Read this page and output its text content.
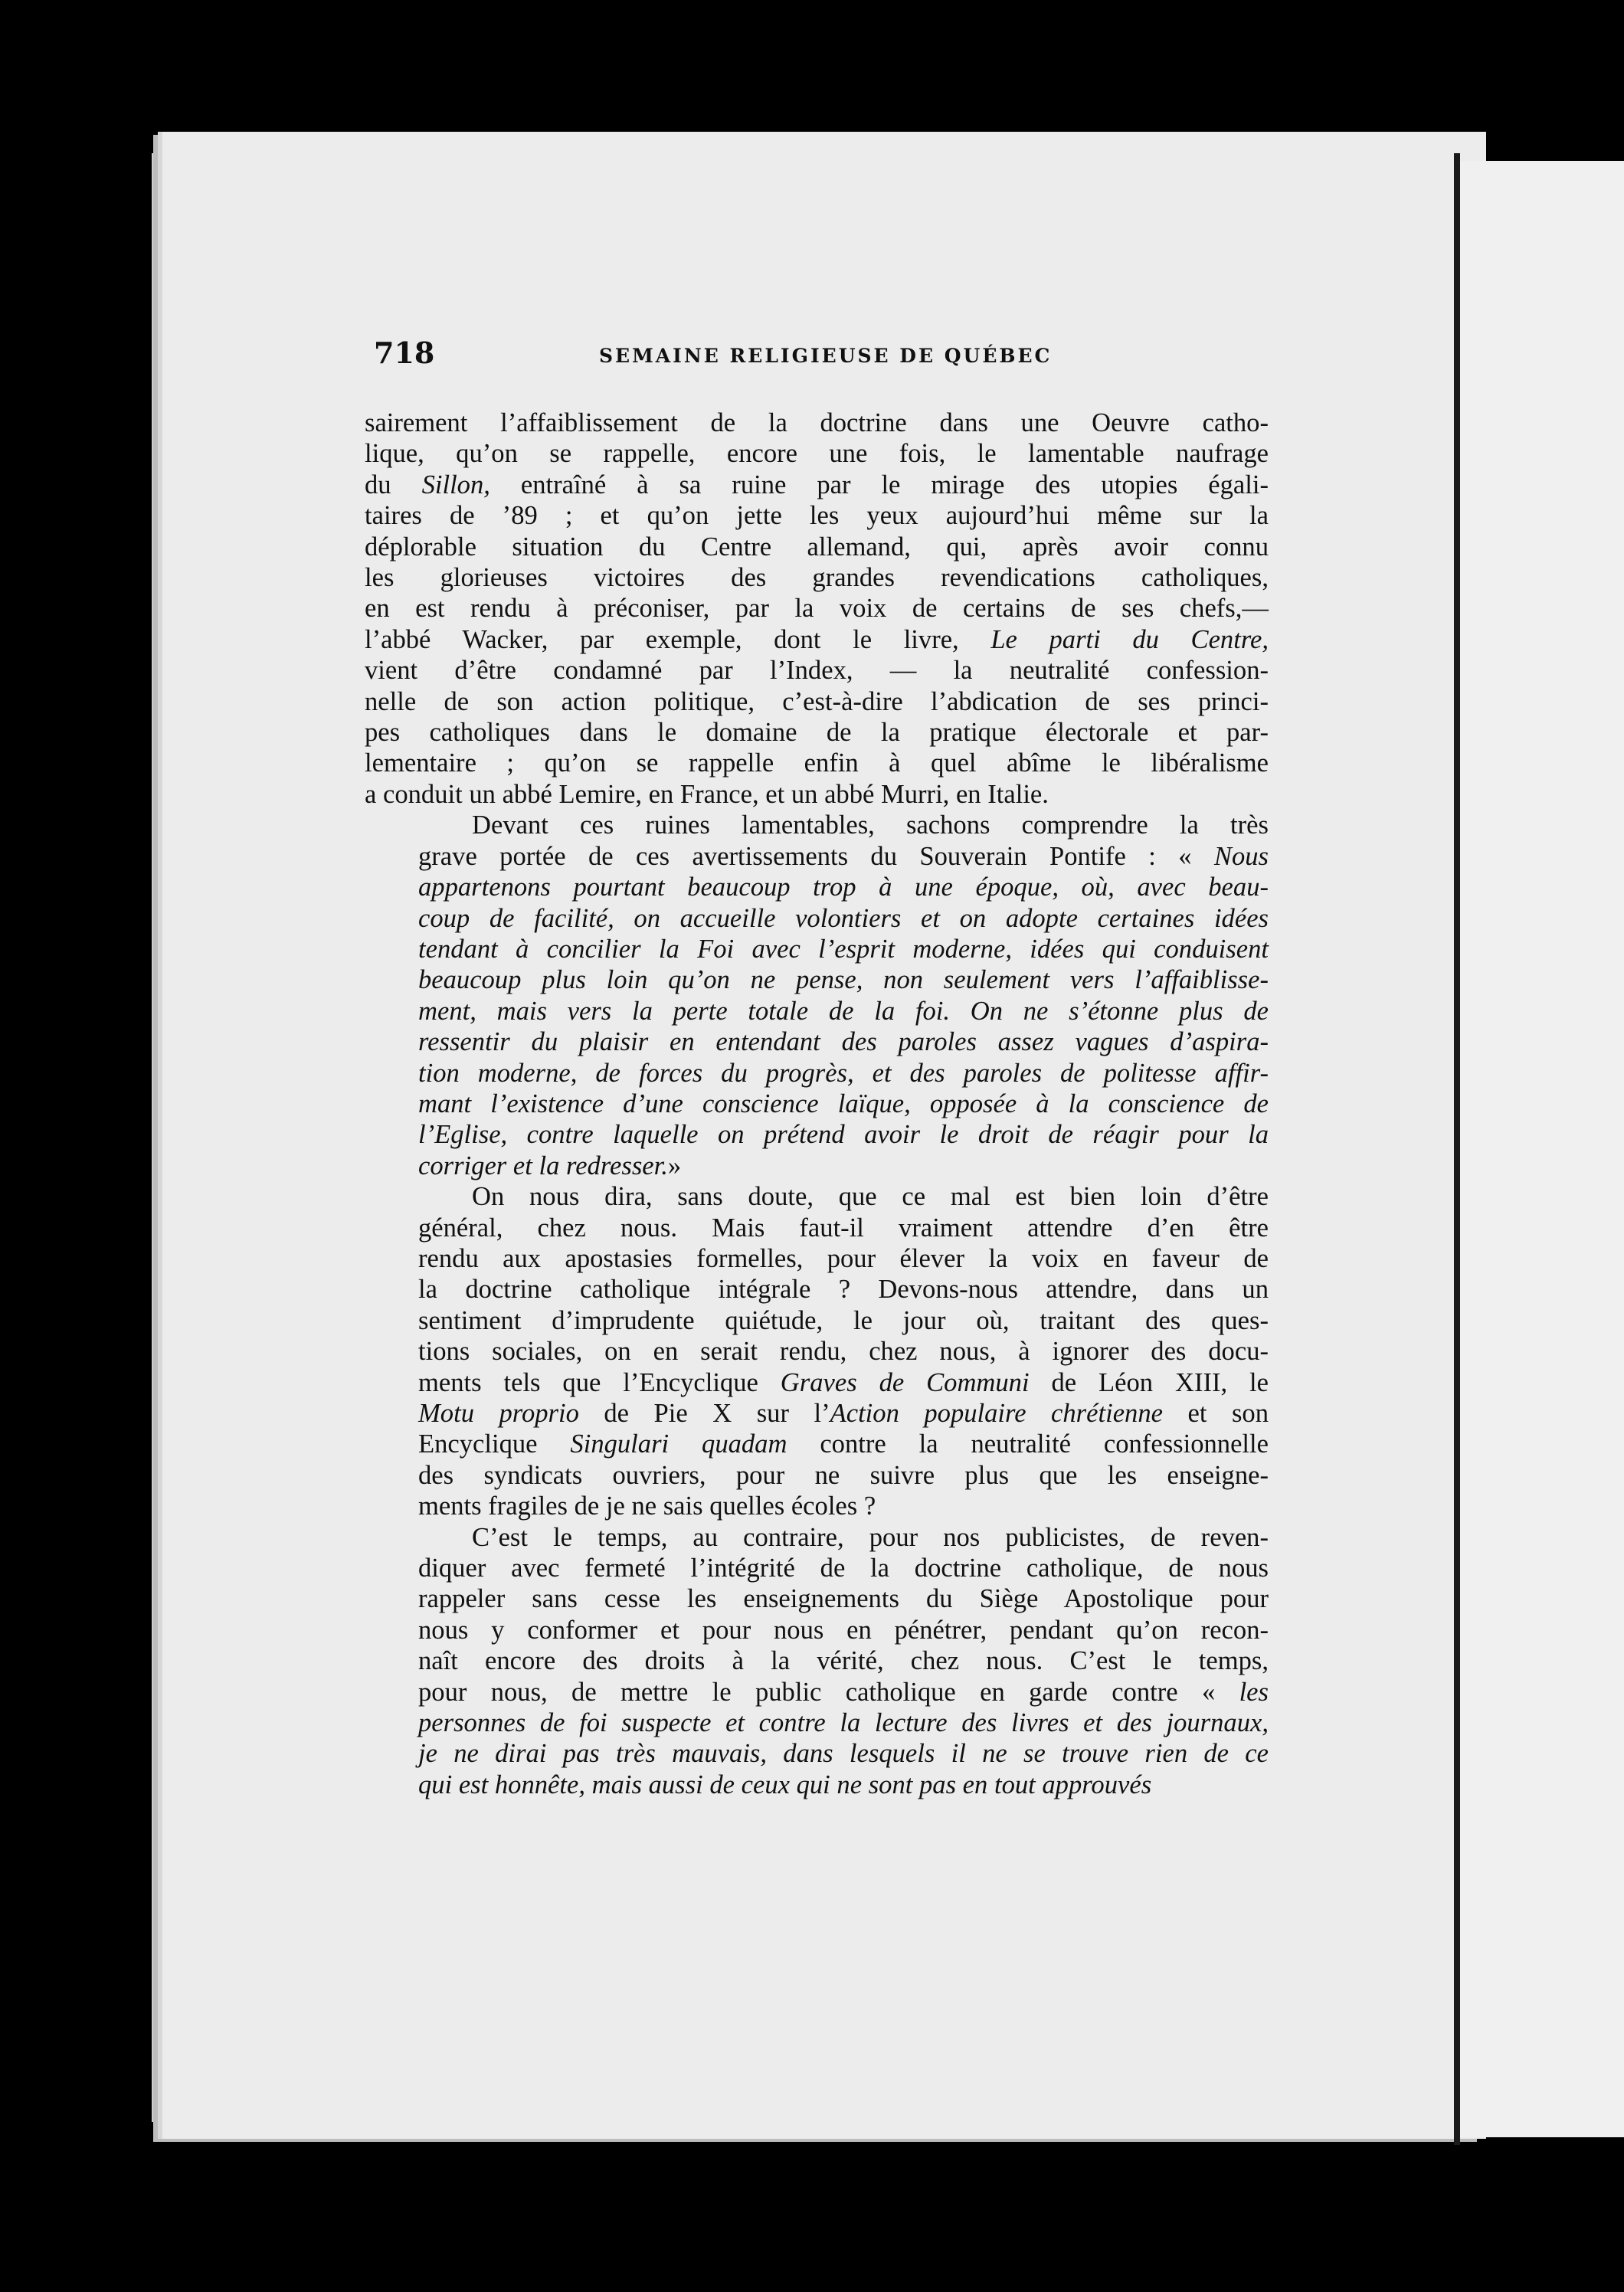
718	SEMAINE RELIGIEUSE DE QUÉBEC
sairement l’affaiblissement de la doctrine dans une Oeuvre catho-
lique, qu’on se rappelle, encore une fois, le lamentable naufrage
du Sillon, entraîné à sa ruine par le mirage des utopies égali-
taires de ’89 ; et qu’on jette les yeux aujourd’hui même sur la
déplorable situation du Centre allemand, qui, après avoir connu
les glorieuses victoires des grandes revendications catholiques,
en est rendu à préconiser, par la voix de certains de ses chefs,—
l’abbé Wacker, par exemple, dont le livre, Le parti du Centre,
vient d’être condamné par l’Index, — la neutralité confession-
nelle de son action politique, c’est-à-dire l’abdication de ses princi-
pes catholiques dans le domaine de la pratique électorale et par-
lementaire ; qu’on se rappelle enfin à quel abîme le libéralisme
a conduit un abbé Lemire, en France, et un abbé Murri, en Italie.
Devant ces ruines lamentables, sachons comprendre la très
grave portée de ces avertissements du Souverain Pontife : « Nous
appartenons pourtant beaucoup trop à une époque, où, avec beau-
coup de facilité, on accueille volontiers et on adopte certaines idées
tendant à concilier la Foi avec l’esprit moderne, idées qui conduisent
beaucoup plus loin qu’on ne pense, non seulement vers l’affaiblisse-
ment, mais vers la perte totale de la foi. On ne s’étonne plus de
ressentir du plaisir en entendant des paroles assez vagues d’aspira-
tion moderne, de forces du progrès, et des paroles de politesse affir-
mant l’existence d’une conscience laïque, opposée à la conscience de
l’Eglise, contre laquelle on prétend avoir le droit de réagir pour la
corriger et la redresser.»
On nous dira, sans doute, que ce mal est bien loin d’être
général, chez nous. Mais faut-il vraiment attendre d’en être
rendu aux apostasies formelles, pour élever la voix en faveur de
la doctrine catholique intégrale ? Devons-nous attendre, dans un
sentiment d’imprudente quiétude, le jour où, traitant des ques-
tions sociales, on en serait rendu, chez nous, à ignorer des docu-
ments tels que l’Encyclique Graves de Communi de Léon XIII, le
Motu proprio de Pie X sur l’Action populaire chrétienne et son
Encyclique Singulari quadam contre la neutralité confessionnelle
des syndicats ouvriers, pour ne suivre plus que les enseigne-
ments fragiles de je ne sais quelles écoles ?
C’est le temps, au contraire, pour nos publicistes, de reven-
diquer avec fermeté l’intégrité de la doctrine catholique, de nous
rappeler sans cesse les enseignements du Siège Apostolique pour
nous y conformer et pour nous en pénétrer, pendant qu’on recon-
naît encore des droits à la vérité, chez nous. C’est le temps,
pour nous, de mettre le public catholique en garde contre « les
personnes de foi suspecte et contre la lecture des livres et des journaux,
je ne dirai pas très mauvais, dans lesquels il ne se trouve rien de ce
qui est honnête, mais aussi de ceux qui ne sont pas en tout approuvés
